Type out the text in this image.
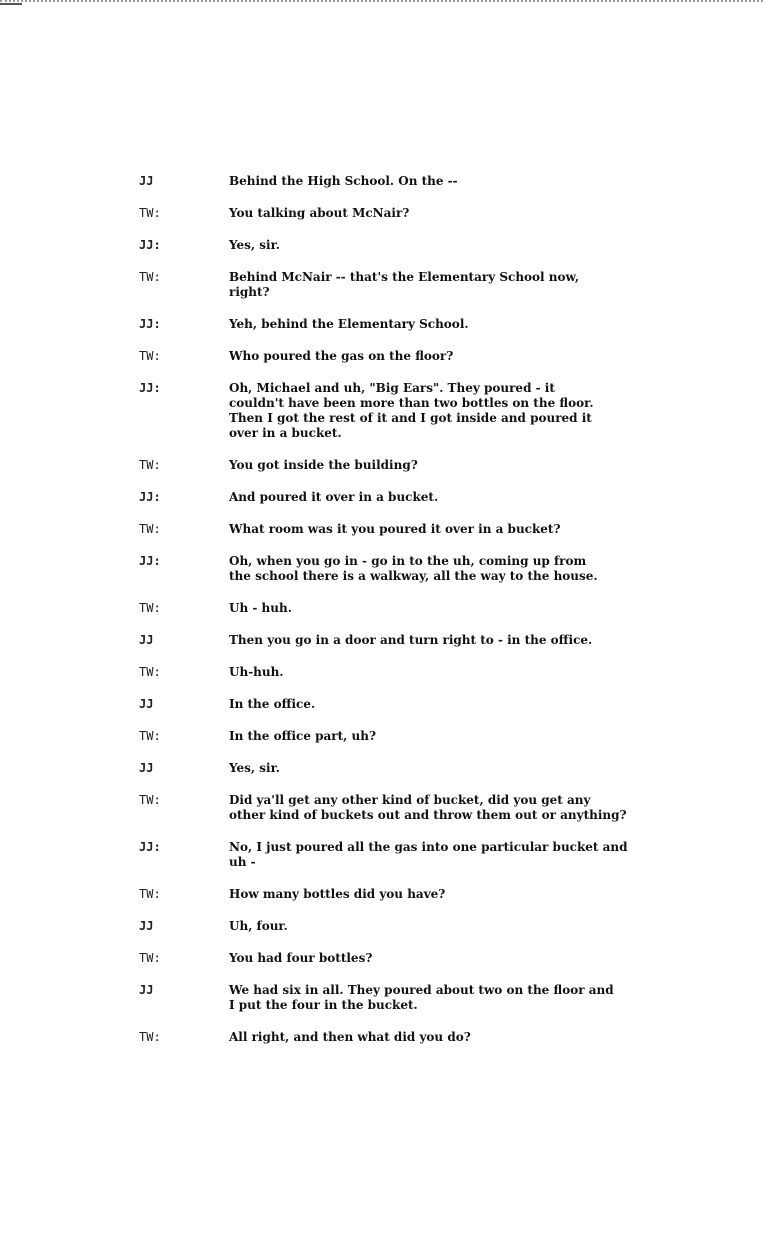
JJ	Behind the High School. On the --
TW:	You talking about McNair?
JJ:	Yes, sir.
TW:	Behind McNair -- that's the Elementary School now,
right?
JJ:	Yeh, behind the Elementary School.
TW:	Who poured the gas on the floor?
JJ:	Oh, Michael and uh, "Big Ears". They poured - it
couldn't have been more than two bottles on the floor.
Then I got the rest of it and I got inside and poured it
over in a bucket.
TW:	You got inside the building?
JJ:	And poured it over in a bucket.
TW:	What room was it you poured it over in a bucket?
JJ:	Oh, when you go in - go in to the uh, coming up from
the school there is a walkway, all the way to the house.
TW:	Uh - huh.
JJ	Then you go in a door and turn right to - in the office.
TW:	Uh-huh.
JJ	In the office.
TW:	In the office part, uh?
JJ	Yes, sir.
TW:	Did ya'll get any other kind of bucket, did you get any
other kind of buckets out and throw them out or anything?
JJ:	No, I just poured all the gas into one particular bucket and
uh -
TW:	How many bottles did you have?
JJ	Uh, four.
TW:	You had four bottles?
JJ	We had six in all. They poured about two on the floor and
I put the four in the bucket.
TW:	All right, and then what did you do?
